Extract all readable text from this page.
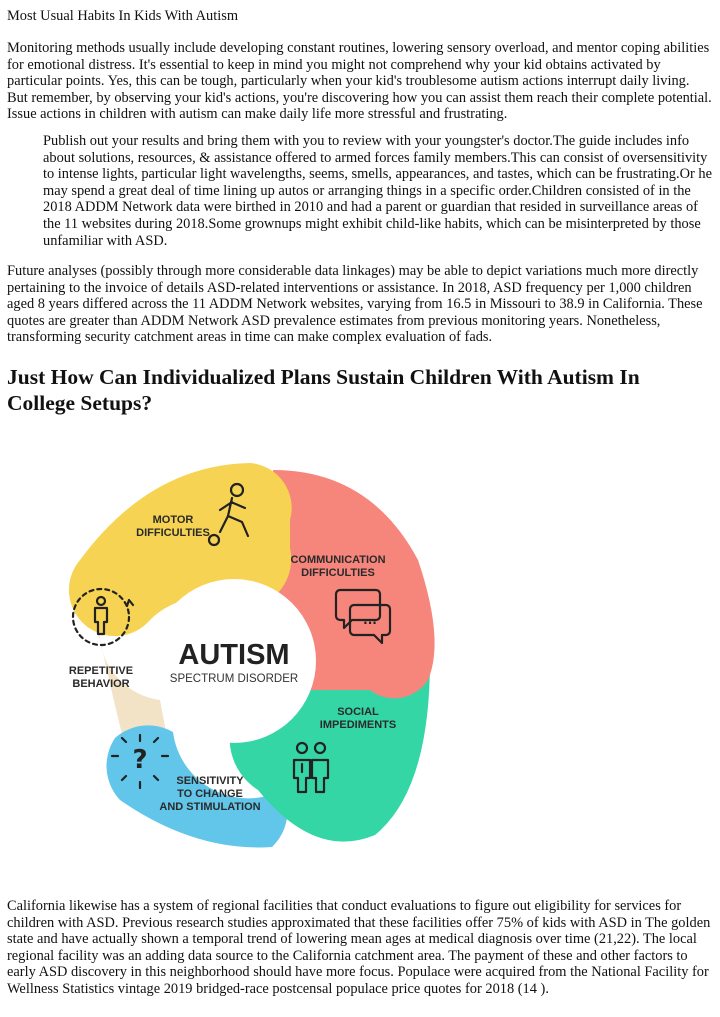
Most Usual Habits In Kids With Autism

Monitoring methods usually include developing constant routines, lowering sensory overload, and mentor coping abilities for emotional distress. It's essential to keep in mind you might not comprehend why your kid obtains activated by particular points. Yes, this can be tough, particularly when your kid's troublesome autism actions interrupt daily living. But remember, by observing your kid's actions, you're discovering how you can assist them reach their complete potential. Issue actions in children with autism can make daily life more stressful and frustrating.

Publish out your results and bring them with you to review with your youngster's doctor.The guide includes info about solutions, resources, & assistance offered to armed forces family members.This can consist of oversensitivity to intense lights, particular light wavelengths, seems, smells, appearances, and tastes, which can be frustrating.Or he may spend a great deal of time lining up autos or arranging things in a specific order.Children consisted of in the 2018 ADDM Network data were birthed in 2010 and had a parent or guardian that resided in surveillance areas of the 11 websites during 2018.Some grownups might exhibit child-like habits, which can be misinterpreted by those unfamiliar with ASD.

Future analyses (possibly through more considerable data linkages) may be able to depict variations much more directly pertaining to the invoice of details ASD-related interventions or assistance. In 2018, ASD frequency per 1,000 children aged 8 years differed across the 11 ADDM Network websites, varying from 16.5 in Missouri to 38.9 in California. These quotes are greater than ADDM Network ASD prevalence estimates from previous monitoring years. Nonetheless, transforming security catchment areas in time can make complex evaluation of fads.

Just How Can Individualized Plans Sustain Children With Autism In College Setups?
AUTISM
SPECTRUM DISORDER
MOTOR
DIFFICULTIES
COMMUNICATION
DIFFICULTIES
SOCIAL
IMPEDIMENTS
SENSITIVITY
TO CHANGE
AND STIMULATION
REPETITIVE
BEHAVIOR
...
?

California likewise has a system of regional facilities that conduct evaluations to figure out eligibility for services for children with ASD. Previous research studies approximated that these facilities offer 75% of kids with ASD in The golden state and have actually shown a temporal trend of lowering mean ages at medical diagnosis over time (21,22). The local regional facility was an adding data source to the California catchment area. The payment of these and other factors to early ASD discovery in this neighborhood should have more focus. Populace were acquired from the National Facility for Wellness Statistics vintage 2019 bridged-race postcensal populace price quotes for 2018 (14 ).
